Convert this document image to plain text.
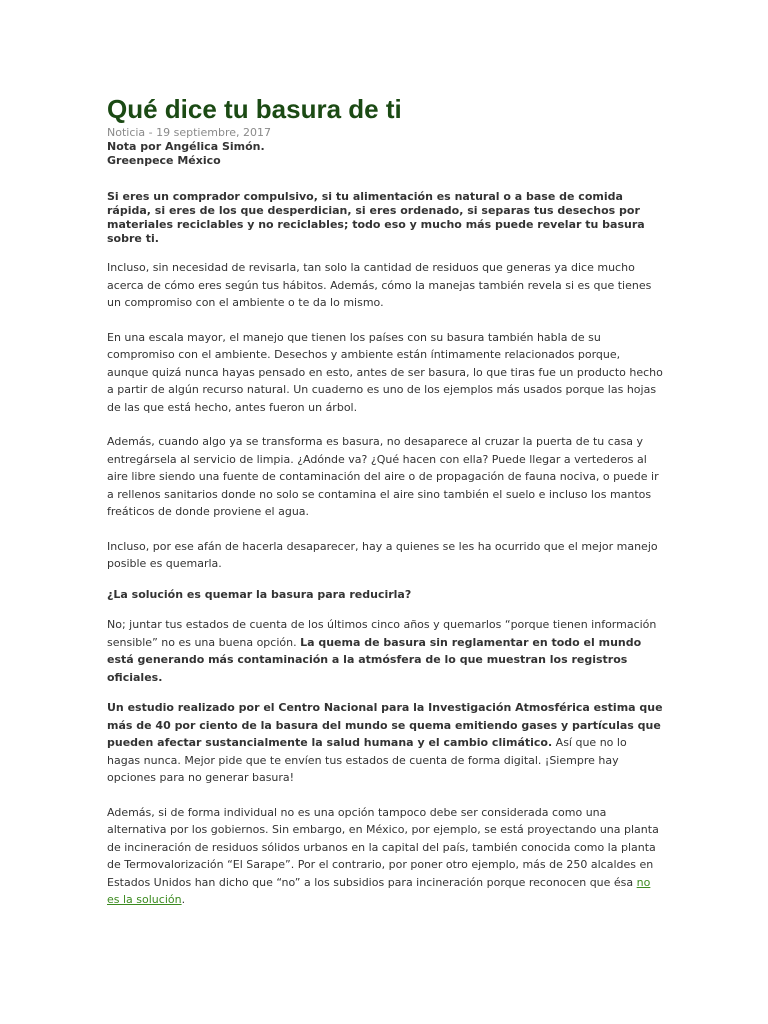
Qué dice tu basura de ti
Noticia - 19 septiembre, 2017
Nota por Angélica Simón.
Greenpece México
Si eres un comprador compulsivo, si tu alimentación es natural o a base de comida rápida, si eres de los que desperdician, si eres ordenado, si separas tus desechos por materiales reciclables y no reciclables; todo eso y mucho más puede revelar tu basura sobre ti.

Incluso, sin necesidad de revisarla, tan solo la cantidad de residuos que generas ya dice mucho acerca de cómo eres según tus hábitos. Además, cómo la manejas también revela si es que tienes un compromiso con el ambiente o te da lo mismo.

En una escala mayor, el manejo que tienen los países con su basura también habla de su compromiso con el ambiente. Desechos y ambiente están íntimamente relacionados porque, aunque quizá nunca hayas pensado en esto, antes de ser basura, lo que tiras fue un producto hecho a partir de algún recurso natural. Un cuaderno es uno de los ejemplos más usados porque las hojas de las que está hecho, antes fueron un árbol.

Además, cuando algo ya se transforma es basura, no desaparece al cruzar la puerta de tu casa y entregársela al servicio de limpia. ¿Adónde va? ¿Qué hacen con ella? Puede llegar a vertederos al aire libre siendo una fuente de contaminación del aire o de propagación de fauna nociva, o puede ir a rellenos sanitarios donde no solo se contamina el aire sino también el suelo e incluso los mantos freáticos de donde proviene el agua.

Incluso, por ese afán de hacerla desaparecer, hay a quienes se les ha ocurrido que el mejor manejo posible es quemarla.

¿La solución es quemar la basura para reducirla?

No; juntar tus estados de cuenta de los últimos cinco años y quemarlos “porque tienen información sensible” no es una buena opción. La quema de basura sin reglamentar en todo el mundo está generando más contaminación a la atmósfera de lo que muestran los registros oficiales.

Un estudio realizado por el Centro Nacional para la Investigación Atmosférica estima que más de 40 por ciento de la basura del mundo se quema emitiendo gases y partículas que pueden afectar sustancialmente la salud humana y el cambio climático. Así que no lo hagas nunca. Mejor pide que te envíen tus estados de cuenta de forma digital. ¡Siempre hay opciones para no generar basura!

Además, si de forma individual no es una opción tampoco debe ser considerada como una alternativa por los gobiernos. Sin embargo, en México, por ejemplo, se está proyectando una planta de incineración de residuos sólidos urbanos en la capital del país, también conocida como la planta de Termovalorización “El Sarape”. Por el contrario, por poner otro ejemplo, más de 250 alcaldes en Estados Unidos han dicho que “no” a los subsidios para incineración porque reconocen que ésa no es la solución.
